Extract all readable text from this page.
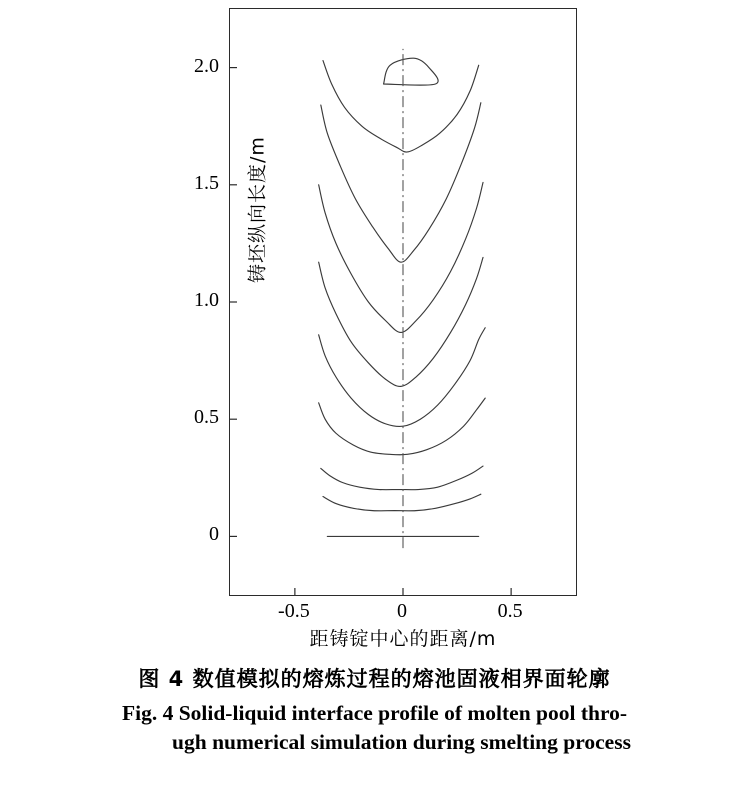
铸坯纵向长度/m
距铸锭中心的距离/m
0
0.5
1.0
1.5
2.0
-0.5	0	0.5
图 4 数值模拟的熔炼过程的熔池固液相界面轮廓
Fig. 4 Solid-liquid interface profile of molten pool thro-
ugh numerical simulation during smelting process
